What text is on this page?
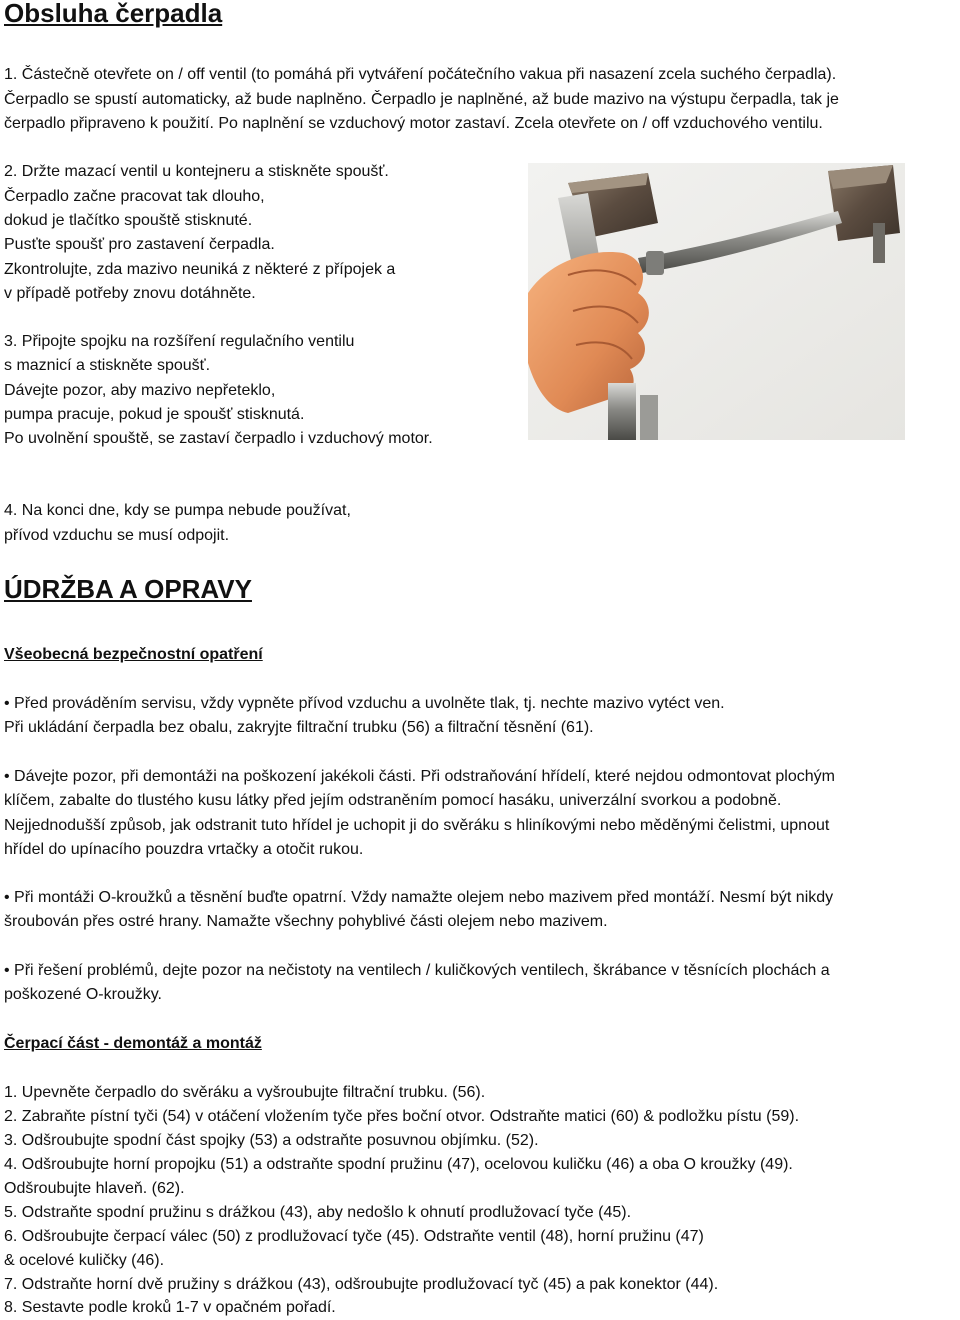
Obsluha čerpadla
1. Částečně otevřete on / off ventil (to pomáhá při vytváření počátečního vakua při nasazení zcela suchého čerpadla).
Čerpadlo se spustí automaticky, až bude naplněno. Čerpadlo je naplněné, až bude mazivo na výstupu čerpadla, tak je
čerpadlo připraveno k použití. Po naplnění se vzduchový motor zastaví. Zcela otevřete on / off vzduchového ventilu.
2. Držte mazací ventil u kontejneru a stiskněte spoušť.
Čerpadlo začne pracovat tak dlouho,
dokud je tlačítko spouště stisknuté.
Pusťte spoušť pro zastavení čerpadla.
Zkontrolujte, zda mazivo neuniká z některé z přípojek a
v případě potřeby znovu dotáhněte.
3. Připojte spojku na rozšíření regulačního ventilu
s maznicí a stiskněte spoušť.
Dávejte pozor, aby mazivo nepřeteklo,
pumpa pracuje, pokud je spoušť stisknutá.
Po uvolnění spouště, se zastaví čerpadlo i vzduchový motor.
4. Na konci dne, kdy se pumpa nebude používat,
přívod vzduchu se musí odpojit.
ÚDRŽBA A OPRAVY
Všeobecná bezpečnostní opatření
• Před prováděním servisu, vždy vypněte přívod vzduchu a uvolněte tlak, tj. nechte mazivo vytéct ven.
Při ukládání čerpadla bez obalu, zakryjte filtrační trubku (56) a filtrační těsnění (61).
• Dávejte pozor, při demontáži na poškození jakékoli části. Při odstraňování hřídelí, které nejdou odmontovat plochým
klíčem, zabalte do tlustého kusu látky před jejím odstraněním pomocí hasáku, univerzální svorkou a podobně.
Nejjednodušší způsob, jak odstranit tuto hřídel je uchopit ji do svěráku s hliníkovými nebo měděnými čelistmi, upnout
hřídel do upínacího pouzdra vrtačky a otočit rukou.
• Při montáži O-kroužků a těsnění buďte opatrní. Vždy namažte olejem nebo mazivem před montáží. Nesmí být nikdy
šroubován přes ostré hrany. Namažte všechny pohyblivé části olejem nebo mazivem.
• Při řešení problémů, dejte pozor na nečistoty na ventilech / kuličkových ventilech, škrábance v těsnících plochách a
poškozené O-kroužky.
Čerpací část - demontáž a montáž
1. Upevněte čerpadlo do svěráku a vyšroubujte filtrační trubku. (56).
2. Zabraňte pístní tyči (54) v otáčení vložením tyče přes boční otvor. Odstraňte matici (60) & podložku pístu (59).
3. Odšroubujte spodní část spojky (53) a odstraňte posuvnou objímku. (52).
4. Odšroubujte horní propojku (51) a odstraňte spodní pružinu (47), ocelovou kuličku (46) a oba O kroužky (49).
Odšroubujte hlaveň. (62).
5. Odstraňte spodní pružinu s drážkou (43), aby nedošlo k ohnutí prodlužovací tyče (45).
6. Odšroubujte čerpací válec (50) z prodlužovací tyče (45). Odstraňte ventil (48), horní pružinu (47)
& ocelové kuličky (46).
7. Odstraňte horní dvě pružiny s drážkou (43), odšroubujte prodlužovací tyč (45) a pak konektor (44).
8. Sestavte podle kroků 1-7 v opačném pořadí.
